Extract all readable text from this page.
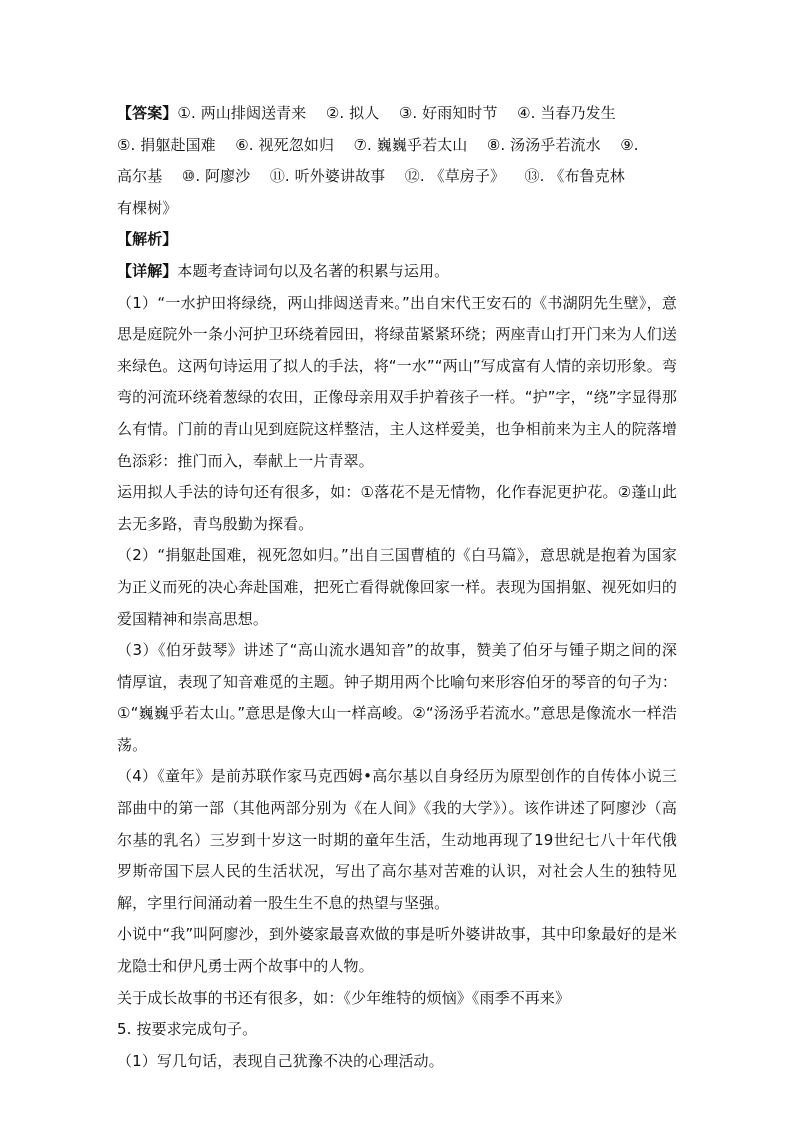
【答案】①. 两山排闼送青来    ②. 拟人    ③. 好雨知时节    ④. 当春乃发生

⑤. 捐躯赴国难    ⑥. 视死忽如归    ⑦. 巍巍乎若太山    ⑧. 汤汤乎若流水    ⑨.

高尔基    ⑩. 阿廖沙    ⑪. 听外婆讲故事    ⑫. 《草房子》    ⑬. 《布鲁克林

有棵树》

【解析】

【详解】本题考查诗词句以及名著的积累与运用。

（1）“一水护田将绿绕，两山排闼送青来。”出自宋代王安石的《书湖阴先生壁》，意思是庭院外一条小河护卫环绕着园田，将绿苗紧紧环绕；两座青山打开门来为人们送来绿色。这两句诗运用了拟人的手法，将“一水”“两山”写成富有人情的亲切形象。弯弯的河流环绕着葱绿的农田，正像母亲用双手护着孩子一样。“护”字，“绕”字显得那么有情。门前的青山见到庭院这样整洁，主人这样爱美，也争相前来为主人的院落增色添彩：推门而入，奉献上一片青翠。

运用拟人手法的诗句还有很多，如：①落花不是无情物，化作春泥更护花。②蓬山此去无多路，青鸟殷勤为探看。

（2）“捐躯赴国难，视死忽如归。”出自三国曹植的《白马篇》，意思就是抱着为国家为正义而死的决心奔赴国难，把死亡看得就像回家一样。表现为国捐躯、视死如归的爱国精神和崇高思想。

（3）《伯牙鼓琴》讲述了“高山流水遇知音”的故事，赞美了伯牙与锺子期之间的深情厚谊，表现了知音难觅的主题。钟子期用两个比喻句来形容伯牙的琴音的句子为：①“巍巍乎若太山。”意思是像大山一样高峻。②“汤汤乎若流水。”意思是像流水一样浩荡。

（4）《童年》是前苏联作家马克西姆•高尔基以自身经历为原型创作的自传体小说三部曲中的第一部（其他两部分别为《在人间》《我的大学》）。该作讲述了阿廖沙（高尔基的乳名）三岁到十岁这一时期的童年生活，生动地再现了19世纪七八十年代俄罗斯帝国下层人民的生活状况，写出了高尔基对苦难的认识，对社会人生的独特见解，字里行间涌动着一股生生不息的热望与坚强。

小说中“我”叫阿廖沙，到外婆家最喜欢做的事是听外婆讲故事，其中印象最好的是米龙隐士和伊凡勇士两个故事中的人物。

关于成长故事的书还有很多，如：《少年维特的烦恼》《雨季不再来》

5. 按要求完成句子。

（1）写几句话，表现自己犹豫不决的心理活动。
